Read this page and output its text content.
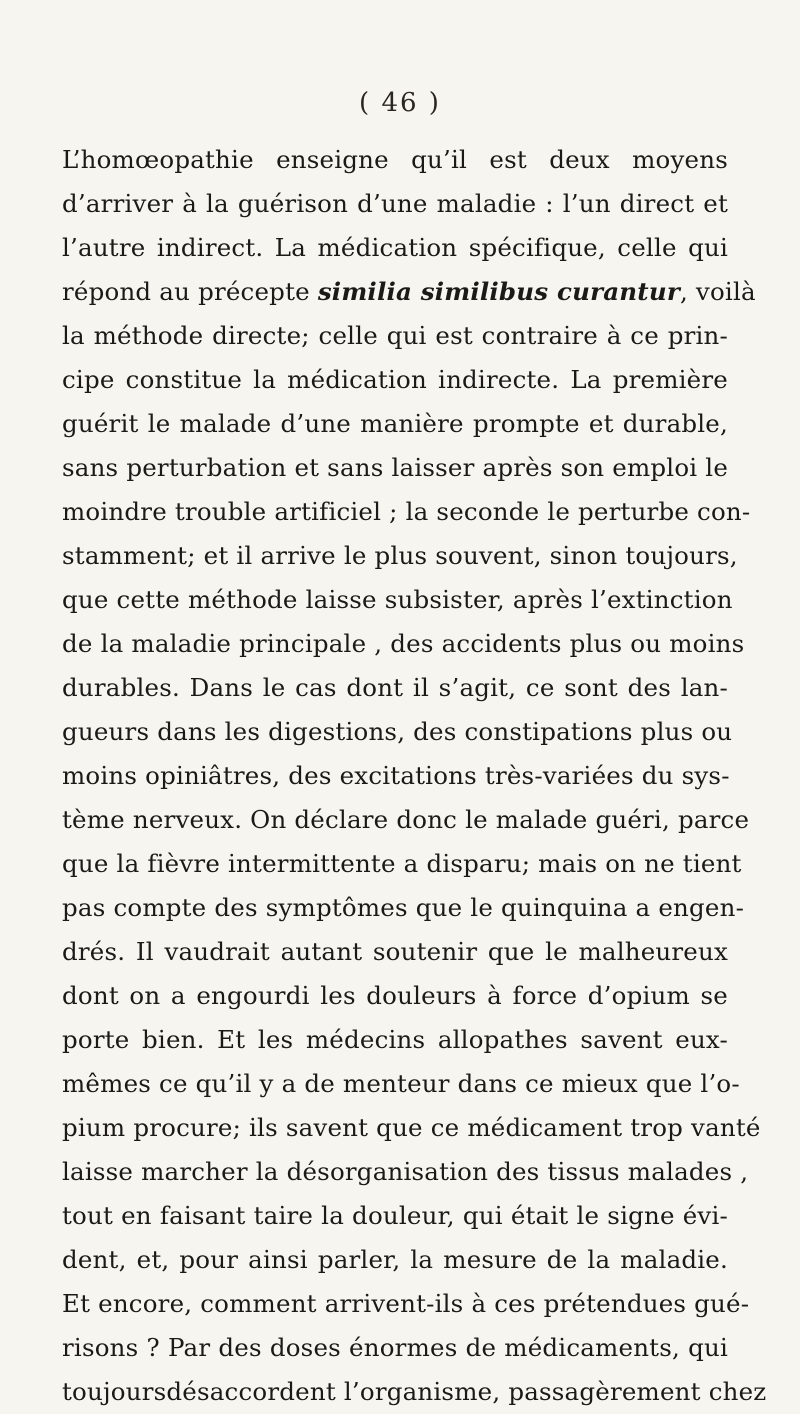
( 46 )
L’homœopathie enseigne qu’il est deux moyens
d’arriver à la guérison d’une maladie : l’un direct et
l’autre indirect. La médication spécifique, celle qui
répond au précepte similia similibus curantur, voilà
la méthode directe; celle qui est contraire à ce prin-
cipe constitue la médication indirecte. La première
guérit le malade d’une manière prompte et durable,
sans perturbation et sans laisser après son emploi le
moindre trouble artificiel ; la seconde le perturbe con-
stamment; et il arrive le plus souvent, sinon toujours,
que cette méthode laisse subsister, après l’extinction
de la maladie principale , des accidents plus ou moins
durables. Dans le cas dont il s’agit, ce sont des lan-
gueurs dans les digestions, des constipations plus ou
moins opiniâtres, des excitations très-variées du sys-
tème nerveux. On déclare donc le malade guéri, parce
que la fièvre intermittente a disparu; mais on ne tient
pas compte des symptômes que le quinquina a engen-
drés. Il vaudrait autant soutenir que le malheureux
dont on a engourdi les douleurs à force d’opium se
porte bien. Et les médecins allopathes savent eux-
mêmes ce qu’il y a de menteur dans ce mieux que l’o-
pium procure; ils savent que ce médicament trop vanté
laisse marcher la désorganisation des tissus malades ,
tout en faisant taire la douleur, qui était le signe évi-
dent, et, pour ainsi parler, la mesure de la maladie.
Et encore, comment arrivent-ils à ces prétendues gué-
risons ? Par des doses énormes de médicaments, qui
toujoursdésaccordent l’organisme, passagèrement chez
